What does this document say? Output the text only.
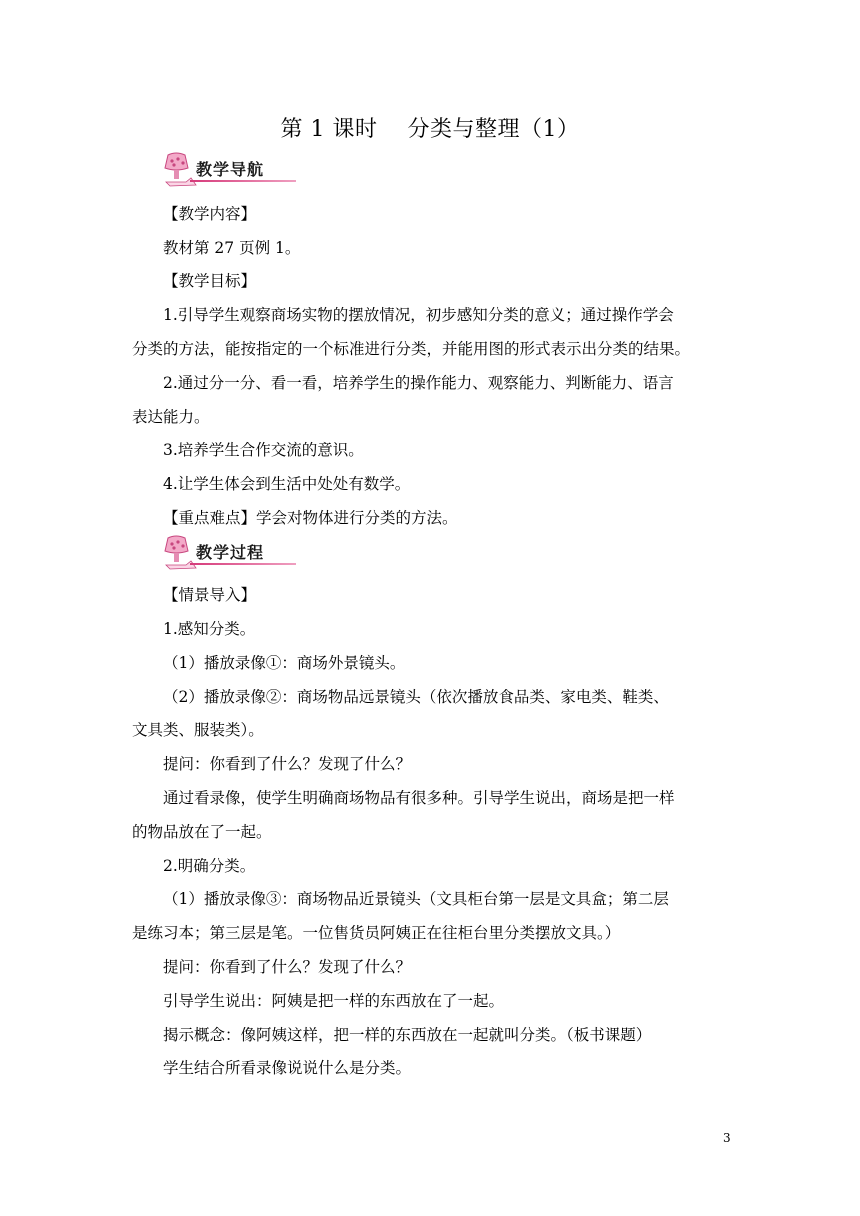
第 1 课时    分类与整理（1）
教学导航
教学过程
【教学内容】
教材第 27 页例 1。
【教学目标】
1.引导学生观察商场实物的摆放情况，初步感知分类的意义；通过操作学会
分类的方法，能按指定的一个标准进行分类，并能用图的形式表示出分类的结果。
2.通过分一分、看一看，培养学生的操作能力、观察能力、判断能力、语言
表达能力。
3.培养学生合作交流的意识。
4.让学生体会到生活中处处有数学。
【重点难点】学会对物体进行分类的方法。
【情景导入】
1.感知分类。
（1）播放录像①：商场外景镜头。
（2）播放录像②：商场物品远景镜头（依次播放食品类、家电类、鞋类、
文具类、服装类）。
提问：你看到了什么？发现了什么？
通过看录像，使学生明确商场物品有很多种。引导学生说出，商场是把一样
的物品放在了一起。
2.明确分类。
（1）播放录像③：商场物品近景镜头（文具柜台第一层是文具盒；第二层
是练习本；第三层是笔。一位售货员阿姨正在往柜台里分类摆放文具。）
提问：你看到了什么？发现了什么？
引导学生说出：阿姨是把一样的东西放在了一起。
揭示概念：像阿姨这样，把一样的东西放在一起就叫分类。（板书课题）
学生结合所看录像说说什么是分类。
3
